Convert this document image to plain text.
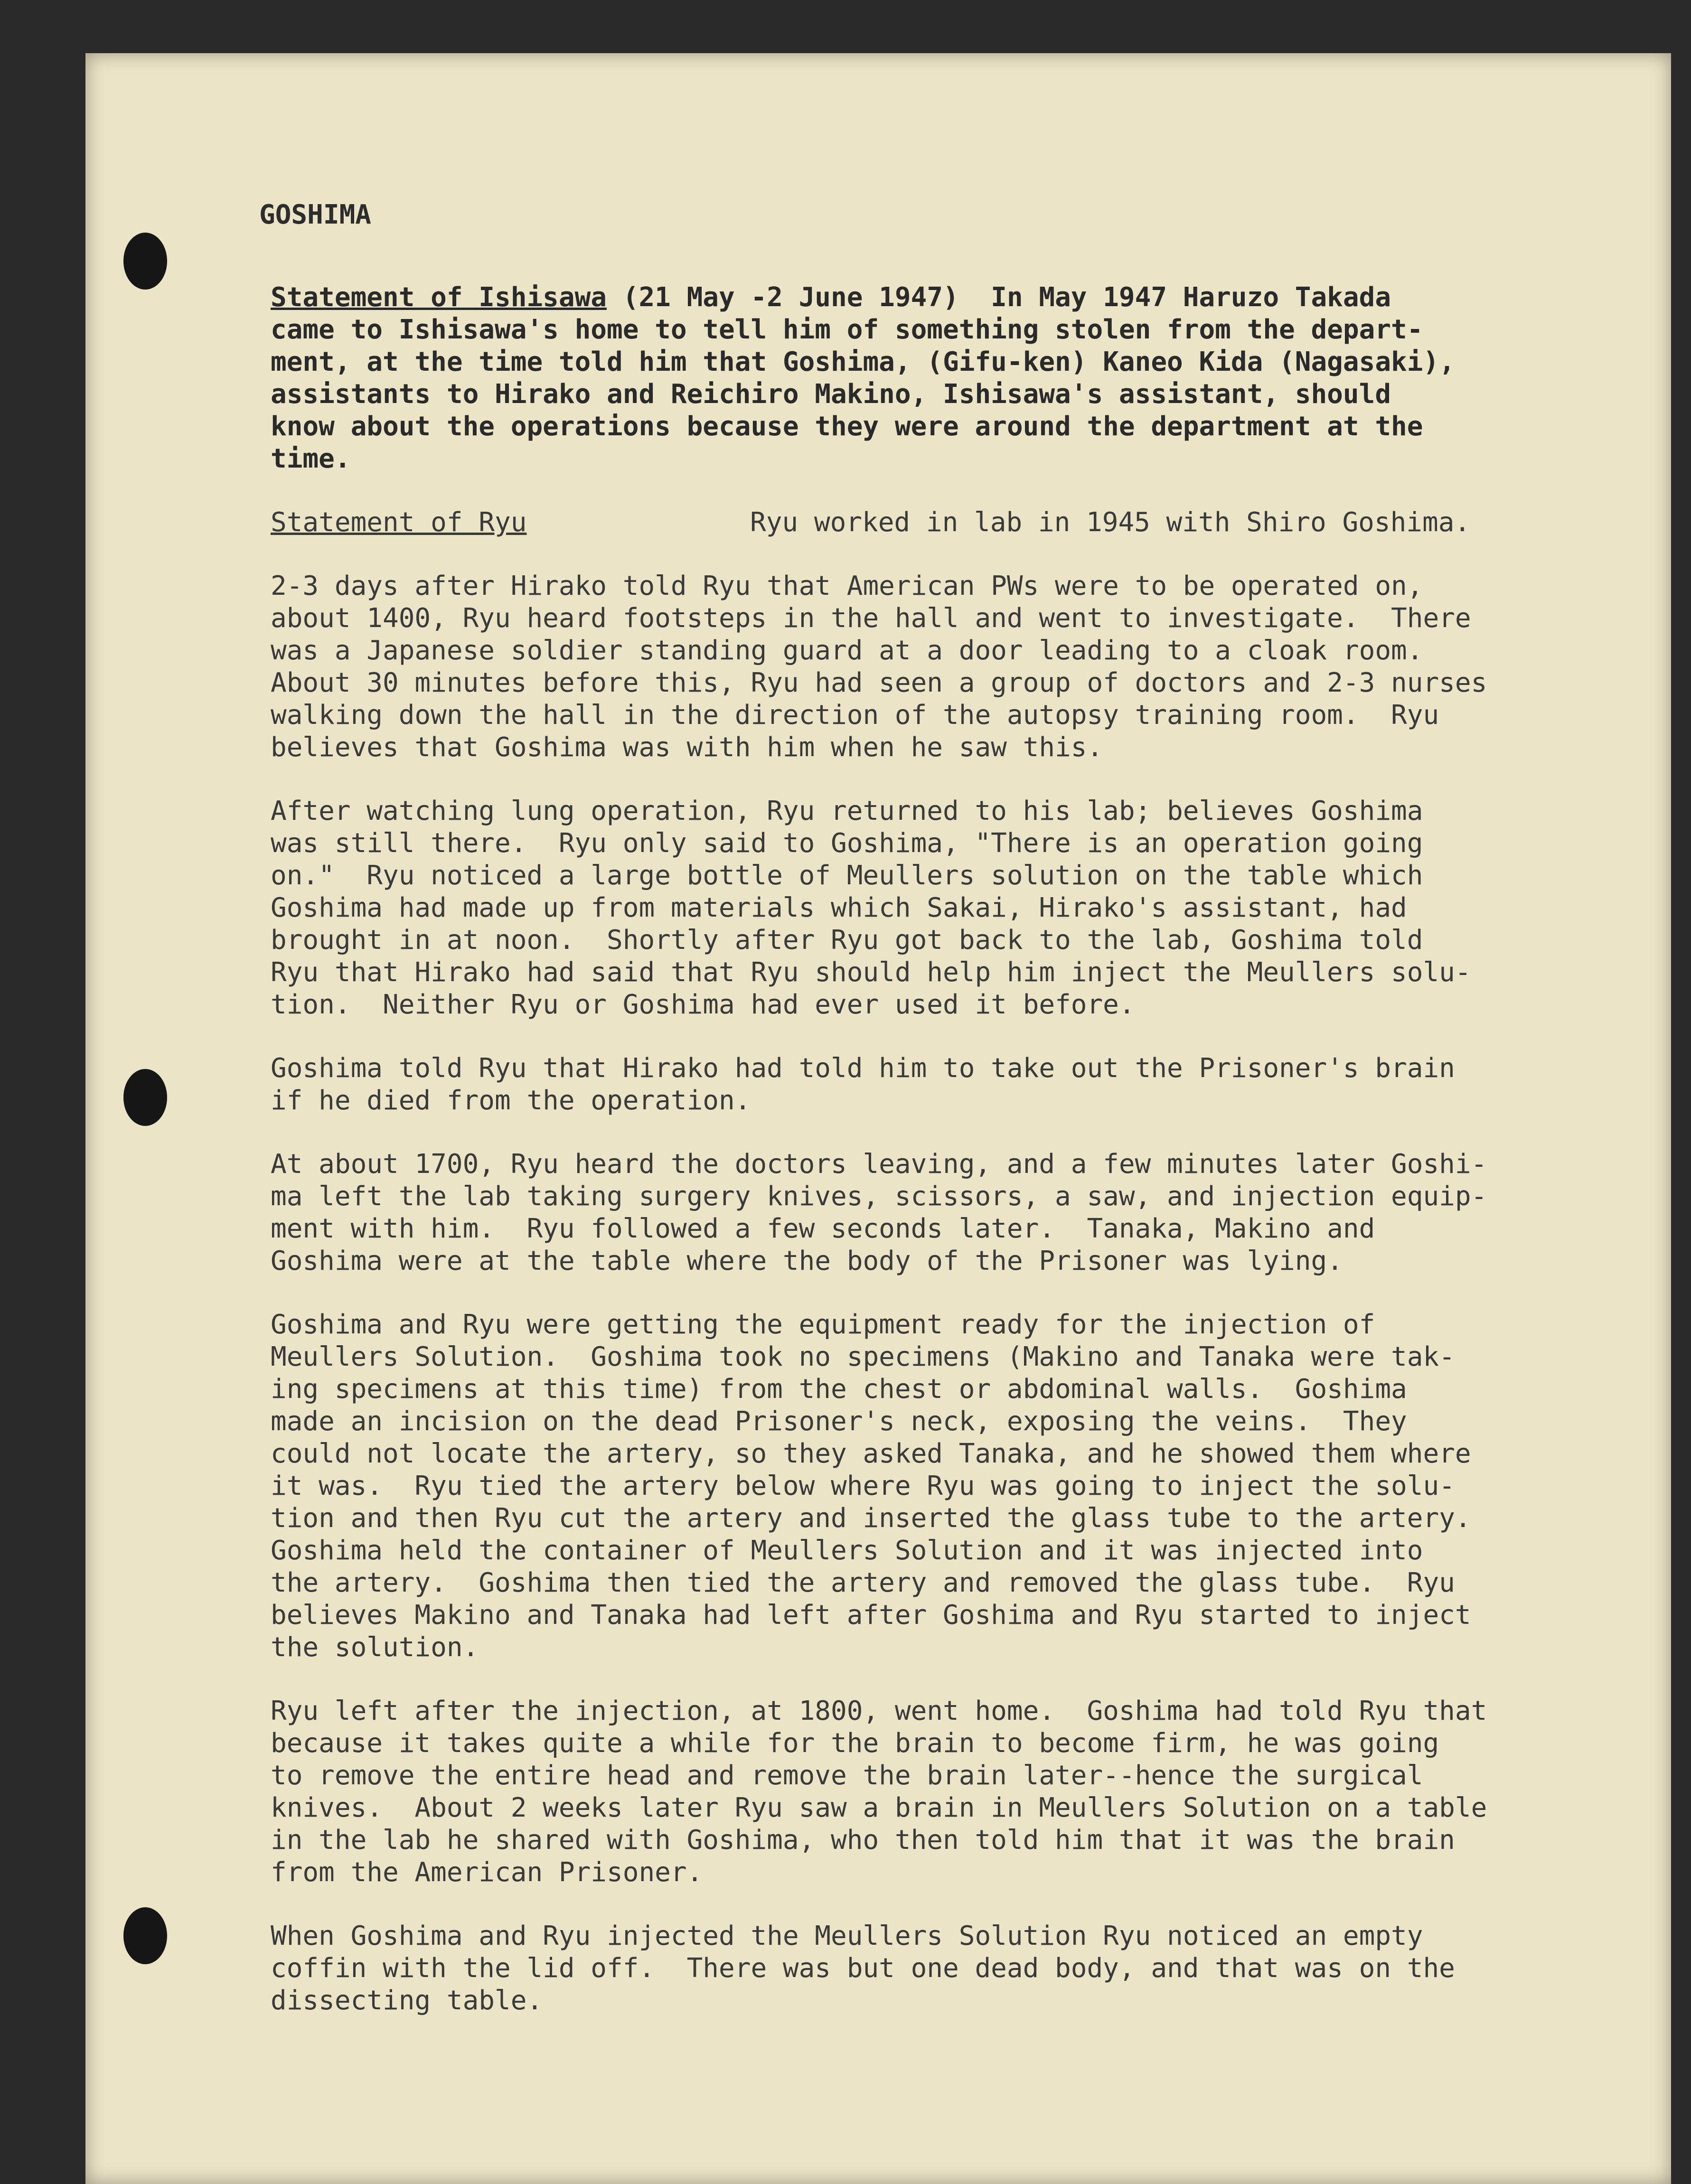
GOSHIMA
Statement of Ishisawa (21 May -2 June 1947)  In May 1947 Haruzo Takada
came to Ishisawa's home to tell him of something stolen from the depart-
ment, at the time told him that Goshima, (Gifu-ken) Kaneo Kida (Nagasaki),
assistants to Hirako and Reichiro Makino, Ishisawa's assistant, should
know about the operations because they were around the department at the
time.
Statement of Ryu	Ryu worked in lab in 1945 with Shiro Goshima.
2-3 days after Hirako told Ryu that American PWs were to be operated on,
about 1400, Ryu heard footsteps in the hall and went to investigate.  There
was a Japanese soldier standing guard at a door leading to a cloak room.
About 30 minutes before this, Ryu had seen a group of doctors and 2-3 nurses
walking down the hall in the direction of the autopsy training room.  Ryu
believes that Goshima was with him when he saw this.
After watching lung operation, Ryu returned to his lab; believes Goshima
was still there.  Ryu only said to Goshima, "There is an operation going
on."  Ryu noticed a large bottle of Meullers solution on the table which
Goshima had made up from materials which Sakai, Hirako's assistant, had
brought in at noon.  Shortly after Ryu got back to the lab, Goshima told
Ryu that Hirako had said that Ryu should help him inject the Meullers solu-
tion.  Neither Ryu or Goshima had ever used it before.
Goshima told Ryu that Hirako had told him to take out the Prisoner's brain
if he died from the operation.
At about 1700, Ryu heard the doctors leaving, and a few minutes later Goshi-
ma left the lab taking surgery knives, scissors, a saw, and injection equip-
ment with him.  Ryu followed a few seconds later.  Tanaka, Makino and
Goshima were at the table where the body of the Prisoner was lying.
Goshima and Ryu were getting the equipment ready for the injection of
Meullers Solution.  Goshima took no specimens (Makino and Tanaka were tak-
ing specimens at this time) from the chest or abdominal walls.  Goshima
made an incision on the dead Prisoner's neck, exposing the veins.  They
could not locate the artery, so they asked Tanaka, and he showed them where
it was.  Ryu tied the artery below where Ryu was going to inject the solu-
tion and then Ryu cut the artery and inserted the glass tube to the artery.
Goshima held the container of Meullers Solution and it was injected into
the artery.  Goshima then tied the artery and removed the glass tube.  Ryu
believes Makino and Tanaka had left after Goshima and Ryu started to inject
the solution.
Ryu left after the injection, at 1800, went home.  Goshima had told Ryu that
because it takes quite a while for the brain to become firm, he was going
to remove the entire head and remove the brain later--hence the surgical
knives.  About 2 weeks later Ryu saw a brain in Meullers Solution on a table
in the lab he shared with Goshima, who then told him that it was the brain
from the American Prisoner.
When Goshima and Ryu injected the Meullers Solution Ryu noticed an empty
coffin with the lid off.  There was but one dead body, and that was on the
dissecting table.
